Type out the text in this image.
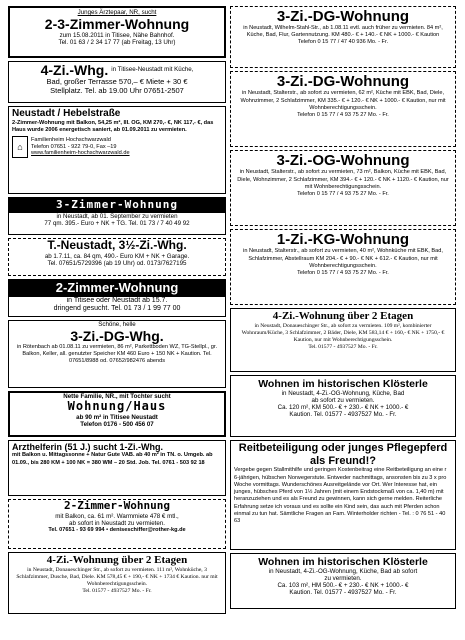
Junges Ärztepaar, NR, sucht
2-3-Zimmer-Wohnung
zum 15.08.2011 in Titisee, Nähe Bahnhof.
Tel. 01 63 / 2 34 17 77 (ab Freitag, 13 Uhr)
4-Zi.-Whg. in Titisee-Neustadt mit Küche,
Bad, großer Terrasse 570,– € Miete + 30 €
Stellplatz. Tel. ab 19.00 Uhr 07651-2507
Neustadt / Hebelstraße
2-Zimmer-Wohnung mit Balkon, 54,25 m², III. OG, KM 270,- €, NK 117,- €, das Haus wurde 2006 energetisch saniert, ab 01.09.2011 zu vermieten.
⌂
Familienheim Hochschwarzwald
Telefon 07651 - 922 79-0, Fax –19
www.familienheim-hochschwarzwald.de
3-Zimmer-Wohnung
in Neustadt, ab 01. September zu vermieten
77 qm. 395.- Euro + NK + TG. Tel. 01 73 / 7 40 49 92
T.-Neustadt, 3½-Zi.-Whg.
ab 1.7.11, ca. 84 qm, 490.- Euro KM + NK + Garage.
Tel. 07651/5729396 (ab 19 Uhr) od. 0173/7627195
2-Zimmer-Wohnung
in Titisee oder Neustadt ab 15.7.
dringend gesucht. Tel. 01 73 / 1 99 77 00
Schöne, helle
3-Zi.-DG-Whg.
in Rötenbach ab 01.08.11 zu vermieten, 86 m², Parkettboden WZ, TG-Stellpl., gr. Balkon, Keller, all. genutzter Speicher KM 460 Euro + 150 NK + Kaution. Tel. 07651/8988 od. 07652/982476 abends
Nette Familie, NR., mit Tochter sucht
Wohnung/Haus
ab 90 m² in Titisee Neustadt
Telefon 0176 - 500 456 07
Arzthelferin (51 J.) sucht 1-Zi.-Whg.
mit Balkon u. Mittagssonne + Natur Gute VAB. ab 40 m² in TN. o. Umgeb. ab 01.09., bis 280 KM + 100 NK = 380 WM – 20 Std. Job. Tel. 0761 - 503 92 18
2-Zimmer-Wohnung
mit Balkon, ca. 61 m². Warmmiete 478 € mtl.,
ab sofort in Neustadt zu vermieten.
Tel. 07651 - 93 69 994 • deniseschiffer@rother-kg.de
4-Zi.-Wohnung über 2 Etagen
in Neustadt, Donaueschinger Str., ab sofort zu vermieten. 111 m², Wohnküche, 3 Schlafzimmer, Dusche, Bad, Diele. KM 578,45 € + 190,- € NK + 1734 € Kaution. nur mit Wohnberechtigungsschein.
Tel. 01577 - 4937527 Mo. - Fr.
3-Zi.-DG-Wohnung
in Neustadt, Wilhelm-Stahl-Str., ab 1.08.11 evtl. auch früher zu vermieten. 84 m², Küche, Bad, Flur, Gartennutzung. KM 480.- € + 140.- € NK + 1000.- € Kaution
Telefon 0 15 77 / 47 40 936 Mo. - Fr.
3-Zi.-DG-Wohnung
in Neustadt, Stalterstr., ab sofort zu vermieten, 62 m², Küche mit EBK, Bad, Diele, Wohnzimmer, 2 Schlafzimmer, KM 335.- € + 120.- € NK + 1000.- € Kaution, nur mit Wohnberechtigungsschein.
Telefon 0 15 77 / 4 93 75 27 Mo. - Fr.
3-Zi.-OG-Wohnung
in Neustadt, Stalterstr., ab sofort zu vermieten, 73 m², Balkon, Küche mit EBK, Bad, Diele, Wohnzimmer, 2 Schlafzimmer, KM 394.- € + 120.- € NK + 1120.- € Kaution, nur mit Wohnberechtigungsschein.
Telefon 0 15 77 / 4 93 75 27 Mo. - Fr.
1-Zi.-KG-Wohnung
in Neustadt, Stalterstr., ab sofort zu vermieten, 40 m², Wohnküche mit EBK, Bad, Schlafzimmer, Abstellraum KM 204.- € + 90.- € NK + 612.- € Kaution, nur mit Wohnberechtigungsschein.
Telefon 0 15 77 / 4 93 75 27 Mo. - Fr.
4-Zi.-Wohnung über 2 Etagen
in Neustadt, Donaueschinger Str., ab sofort zu vermieten. 109 m², kombinierter Wohnraum/Küche, 3 Schlafzimmer, 2 Bäder, Diele, KM 583,14 € + 160,- € NK + 1750,- € Kaution, nur mit Wohnberechtigungsschein.
Tel. 01577 - 4937527 Mo. - Fr.
Wohnen im historischen Klösterle
in Neustadt, 4-Zi.-OG-Wohnung, Küche, Bad
ab sofort zu vermieten.
Ca. 120 m², KM 500.- € + 230.- € NK + 1000.- €
Kaution. Tel. 01577 - 4937527 Mo. - Fr.
Reitbeteiligung oder junges Pflegepferd als Freund!?
Vergebe gegen Stallmithilfe und geringen Kostenbeitrag eine Reitbeteiligung an eine r 6-jährigen, hübschen Norwegerstute. Entweder nachmittags, ansonsten bis zu 3 x pro Woche vormittags. Wunderschönes Ausreitgelände vor Ort. Wer Interesse hat, ein junges, hübsches Pferd von 1½ Jahren (mit einem Endstockmaß von ca. 1,40 m) mit heranzuziehen und es als Freund zu gewinnen, kann sich gerne melden. Reiterliche Erfahrung setze ich voraus und es sollte ein Kind sein, das auch mit Pferden schon einmal zu tun hat. Sämtliche Fragen an Fam. Winterholder richten - Tel. : 0 76 51 - 40 63
Wohnen im historischen Klösterle
in Neustadt, 4-Zi.-OG-Wohnung, Küche, Bad ab sofort
zu vermieten.
Ca. 103 m², HM 500.- € + 230.- € NK + 1000.- €
Kaution. Tel. 01577 - 4937527 Mo. - Fr.
